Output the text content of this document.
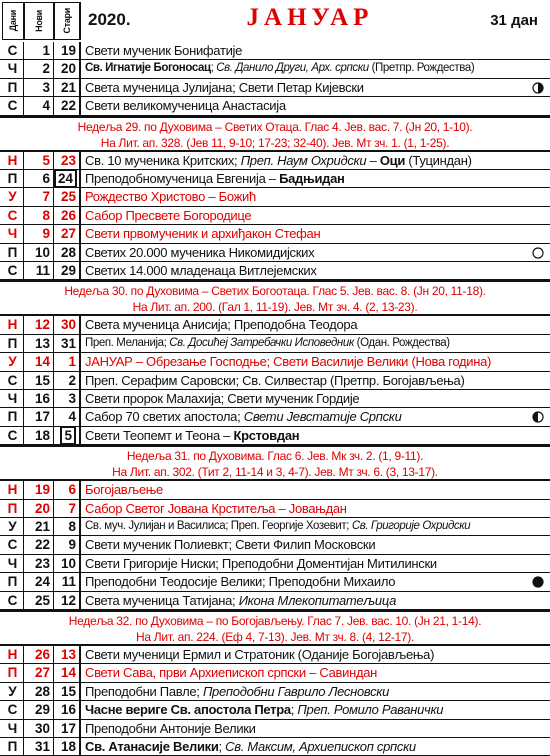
Дани Нови Стари 2020.	ЈАНУАР	31 дан
С	1 19 Свети мученик Бонифатије
Ч	2 20 Св. Игнатије Богоносац; Св. Данило Други, Арх. српски (Претпр. Рождества)
П	3 21 Света мученица Јулијана; Свети Петар Кијевски
С	4 22 Свети великомученица Анастасија
Недеља 29. по Духовима – Светих Отаца. Глас 4. Јев. вас. 7. (Јн 20, 1-10).
На Лит. ап. 328. (Јев 11, 9-10; 17-23; 32-40). Јев. Мт зч. 1. (1, 1-25).
Н	5 23 Св. 10 мученика Критских; Преп. Наум Охридски – Оци (Туциндан)
П	6 24 Преподобномученица Евгенија – Бадњидан
У	7 25 Рождество Христово – Божић
С	8 26 Сабор Пресвете Богородице
Ч	9 27 Свети првомученик и архиђакон Стефан
П	10 28 Светих 20.000 мученика Никомидијских
С	11 29 Светих 14.000 младенаца Витлејемских
Недеља 30. по Духовима – Светих Богоотаца. Глас 5. Јев. вас. 8. (Јн 20, 11-18).
На Лит. ап. 200. (Гал 1, 11-19). Јев. Мт зч. 4. (2, 13-23).
Н	12 30 Света мученица Анисија; Преподобна Теодора
П	13 31 Преп. Меланија; Св. Досићеј Затребачки Исповедник (Одан. Рождества)
У	14	1 ЈАНУАР – Обрезање Господње; Свети Василије Велики (Нова година)
С	15	2 Преп. Серафим Саровски; Св. Силвестар (Претпр. Богојављења)
Ч	16	3 Свети пророк Малахија; Свети мученик Гордије
П	17	4 Сабор 70 светих апостола; Свети Јевстатије Српски
С	18	5	Свети Теопемт и Теона – Крстовдан
Недеља 31. по Духовима. Глас 6. Јев. Мк зч. 2. (1, 9-11).
На Лит. ап. 302. (Тит 2, 11-14 и 3, 4-7). Јев. Мт зч. 6. (3, 13-17).
Н	19	6 Богојављење
П	20	7 Сабор Светог Јована Крститеља – Јовањдан
У	21	8 Св. муч. Јулијан и Василиса; Преп. Георгије Хозевит; Св. Григорије Охридски
С	22	9 Свети мученик Полиевкт; Свети Филип Московски
Ч	23 10 Свети Григорије Ниски; Преподобни Доментијан Митилински
П	24 11 Преподобни Теодосије Велики; Преподобни Михаило
С	25 12 Света мученица Татијана; Икона Млекопитатељица
Недеља 32. по Духовима – по Богојављењу. Глас 7. Јев. вас. 10. (Јн 21, 1-14).
На Лит. ап. 224. (Еф 4, 7-13). Јев. Мт зч. 8. (4, 12-17).
Н	26 13 Свети мученици Ермил и Стратоник (Оданије Богојављења)
П	27 14 Свети Сава, први Архиепископ српски – Савиндан
У	28 15 Преподобни Павле; Преподобни Гаврило Лесновски
С	29 16 Часне вериге Св. апостола Петра; Преп. Ромило Раванички
Ч	30 17 Преподобни Антоније Велики
П	31 18 Св. Атанасије Велики; Св. Максим, Архиепископ српски
